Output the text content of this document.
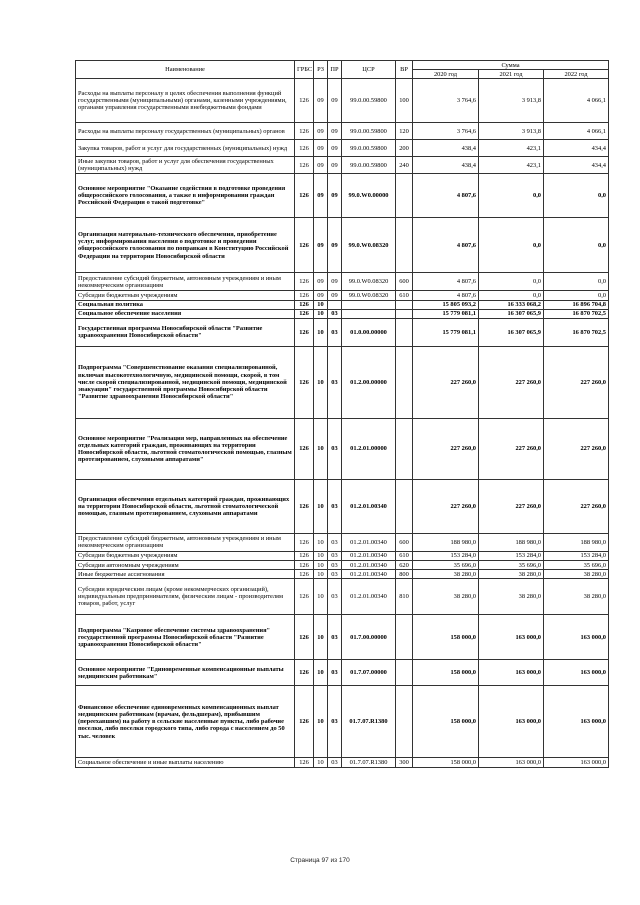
Наименование	ГРБС	РЗ	ПР	ЦСР	ВР	Сумма		
						2020 год	2021 год	2022 год
Расходы на выплаты персоналу в целях обеспечения выполнения функций государственными (муниципальными) органами, казенными учреждениями, органами управления государственными внебюджетными фондами	126	09	09	99.0.00.59800	100	3 764,6	3 913,8	4 066,1
Расходы на выплаты персоналу государственных (муниципальных) органов	126	09	09	99.0.00.59800	120	3 764,6	3 913,8	4 066,1
Закупка товаров, работ и услуг для государственных (муниципальных) нужд	126	09	09	99.0.00.59800	200	438,4	423,1	434,4
Иные закупки товаров, работ и услуг для обеспечения государственных (муниципальных) нужд	126	09	09	99.0.00.59800	240	438,4	423,1	434,4
Основное мероприятие "Оказание содействия в подготовке проведения общероссийского голосования, а также в информировании граждан Российской Федерации о такой подготовке"	126	09	09	99.0.W0.00000		4 807,6	0,0	0,0
Организация материально-технического обеспечения, приобретение услуг, информирования населения о подготовке и проведении общероссийского голосования по поправкам в Конституцию Российской Федерации на территории Новосибирской области	126	09	09	99.0.W0.08320		4 807,6	0,0	0,0
Предоставление субсидий бюджетным, автономным учреждениям и иным некоммерческим организациям	126	09	09	99.0.W0.08320	600	4 807,6	0,0	0,0
Субсидии бюджетным учреждениям	126	09	09	99.0.W0.08320	610	4 807,6	0,0	0,0
Социальная политика	126	10				15 805 093,2	16 333 068,2	16 896 704,8
Социальное обеспечение населения	126	10	03			15 779 081,1	16 307 065,9	16 870 702,5
Государственная программа Новосибирской области "Развитие здравоохранения Новосибирской области"	126	10	03	01.0.00.00000		15 779 081,1	16 307 065,9	16 870 702,5
Подпрограмма "Совершенствование оказания специализированной, включая высокотехнологичную, медицинской помощи, скорой, в том числе скорой специализированной, медицинской помощи, медицинской эвакуации" государственной программы Новосибирской области "Развитие здравоохранения Новосибирской области"	126	10	03	01.2.00.00000		227 260,0	227 260,0	227 260,0
Основное мероприятие "Реализация мер, направленных на обеспечение отдельных категорий граждан, проживающих на территории Новосибирской области, льготной стоматологической помощью, глазным протезированием, слуховыми аппаратами"	126	10	03	01.2.01.00000		227 260,0	227 260,0	227 260,0
Организация обеспечения отдельных категорий граждан, проживающих на территории Новосибирской области, льготной стоматологической помощью, глазным протезированием, слуховыми аппаратами	126	10	03	01.2.01.00340		227 260,0	227 260,0	227 260,0
Предоставление субсидий бюджетным, автономным учреждениям и иным некоммерческим организациям	126	10	03	01.2.01.00340	600	188 980,0	188 980,0	188 980,0
Субсидии бюджетным учреждениям	126	10	03	01.2.01.00340	610	153 284,0	153 284,0	153 284,0
Субсидии автономным учреждениям	126	10	03	01.2.01.00340	620	35 696,0	35 696,0	35 696,0
Иные бюджетные ассигнования	126	10	03	01.2.01.00340	800	38 280,0	38 280,0	38 280,0
Субсидии юридическим лицам (кроме некоммерческих организаций), индивидуальным предпринимателям, физическим лицам - производителям товаров, работ, услуг	126	10	03	01.2.01.00340	810	38 280,0	38 280,0	38 280,0
Подпрограмма "Казровое обеспечение системы здравоохранения" государственной программы Новосибирской области "Развитие здравоохранения Новосибирской области"	126	10	03	01.7.00.00000		158 000,0	163 000,0	163 000,0
Основное мероприятие "Единовременные компенсационные выплаты медицинским работникам"	126	10	03	01.7.07.00000		158 000,0	163 000,0	163 000,0
Финансовое обеспечение единовременных компенсационных выплат медицинским работникам (врачам, фельдшерам), прибывшим (переехавшим) на работу в сельские населенные пункты, либо рабочие поселки, либо поселки городского типа, либо города с населением до 50 тыс. человек	126	10	03	01.7.07.R1380		158 000,0	163 000,0	163 000,0
Социальное обеспечение и иные выплаты населению	126	10	03	01.7.07.R1380	300	158 000,0	163 000,0	163 000,0
Страница 97 из 170
